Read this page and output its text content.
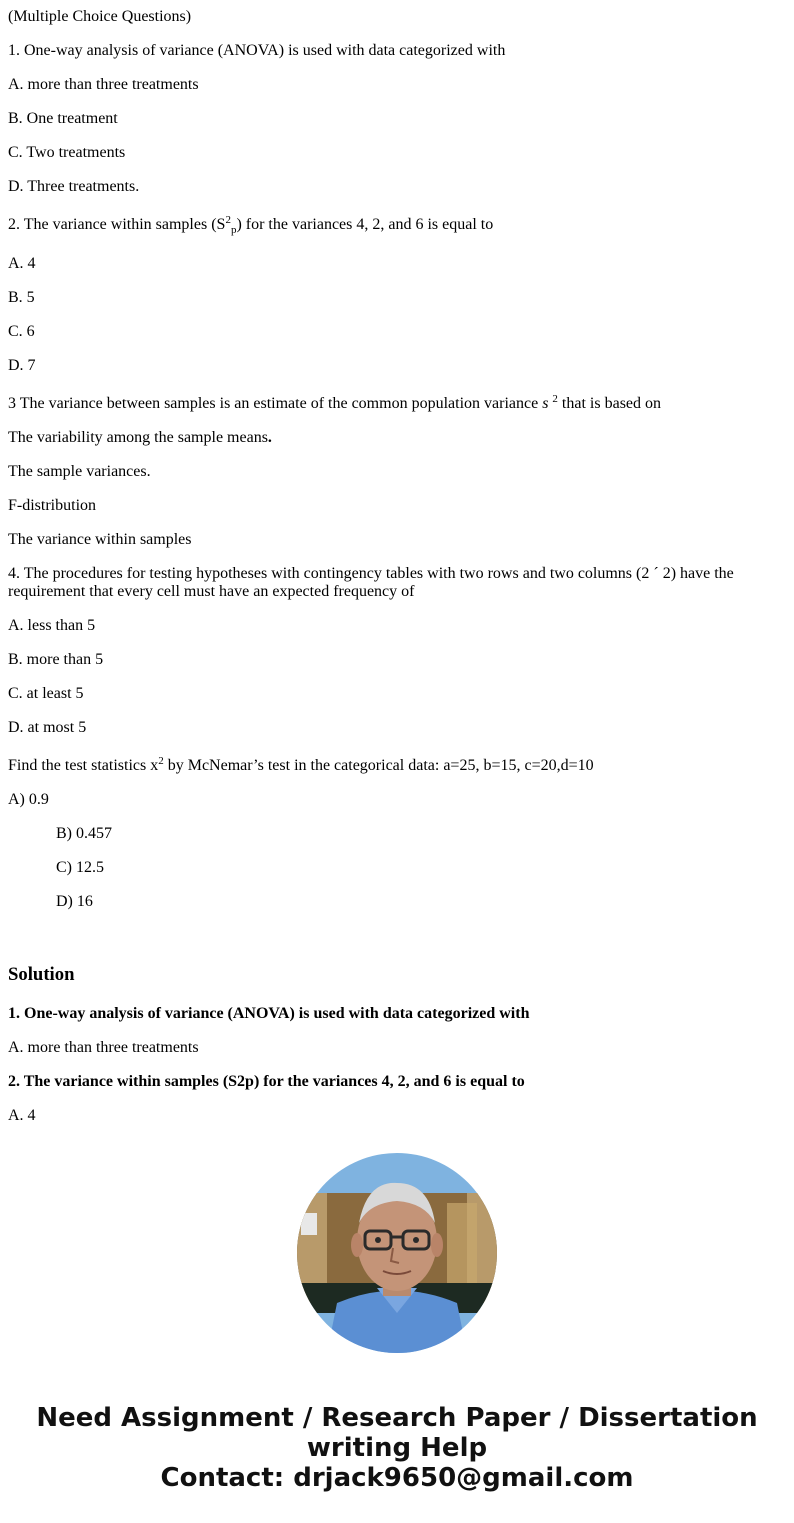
(Multiple Choice Questions)

1. One-way analysis of variance (ANOVA) is used with data categorized with

A. more than three treatments

B. One treatment

C. Two treatments

D. Three treatments.

2. The variance within samples $(S^2_p)$ for the variances 4, 2, and 6 is equal to

A. 4

B. 5

C. 6

D. 7

3 The variance between samples is an estimate of the common population variance s $^2$ that is based on

The variability among the sample means.

The sample variances.

F-distribution

The variance within samples

4. The procedures for testing hypotheses with contingency tables with two rows and two columns (2 ´ 2) have the requirement that every cell must have an expected frequency of

A. less than 5

B. more than 5

C. at least 5

D. at most 5

Find the test statistics $x^2$ by McNemar’s test in the categorical data: a=25, b=15, c=20,d=10

A) 0.9

B) 0.457

C) 12.5

D) 16

Solution

1. One-way analysis of variance (ANOVA) is used with data categorized with

A. more than three treatments

2. The variance within samples (S2p) for the variances 4, 2, and 6 is equal to

A. 4

Need Assignment / Research Paper / Dissertation
writing Help
Contact: drjack9650@gmail.com
